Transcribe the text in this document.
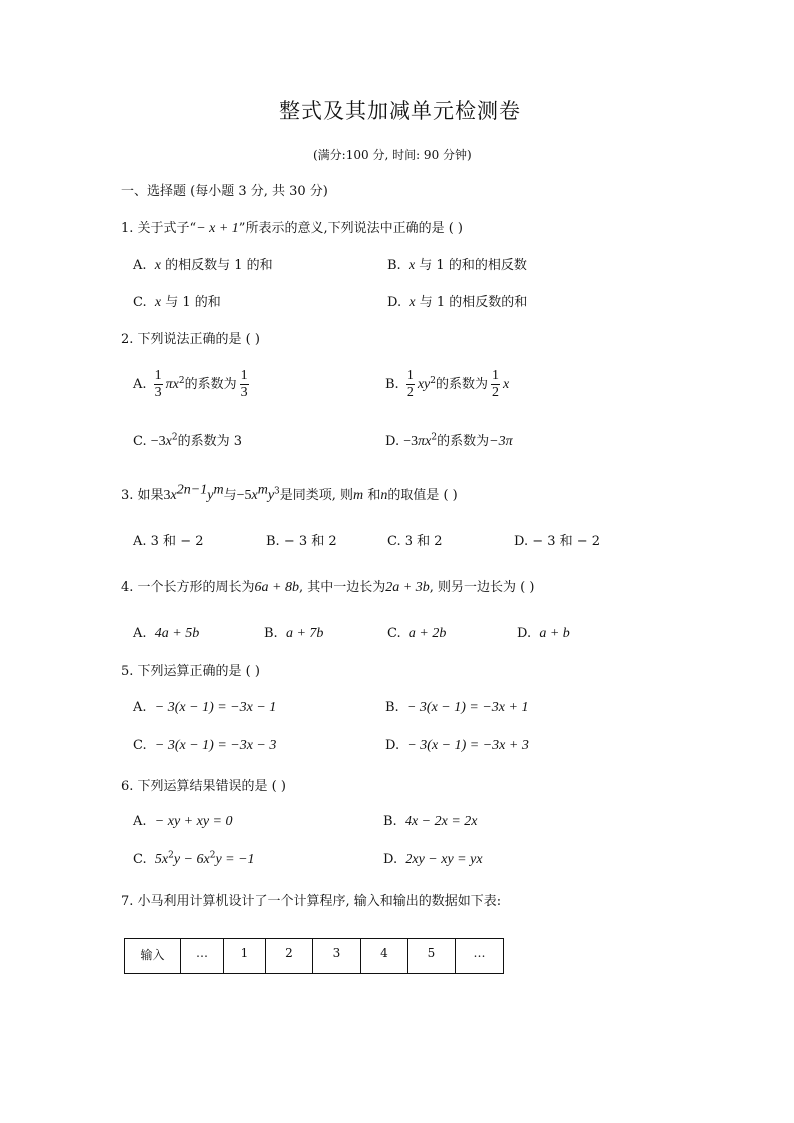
整式及其加减单元检测卷
(满分:100 分, 时间: 90 分钟)
一、选择题 (每小题 3 分, 共 30 分)
1. 关于式子“− x + 1”所表示的意义,下列说法中正确的是 ( )
A. x 的相反数与 1 的和	B. x 与 1 的和的相反数
C. x 与 1 的和	D. x 与 1 的相反数的和
2. 下列说法正确的是 ( )
A. $\frac{1}{3} \pi x^2$的系数为 $\frac{1}{3}$	B. $\frac{1}{2} xy^2$的系数为 $\frac{1}{2}$ x
C. $-3x^2$的系数为 3	D. $-3\pi x^2$的系数为−3π
3. 如果$3x^{2n-1}y^m$与$-5x^my^3$是同类项, 则m 和n的取值是 ( )
A. 3 和 − 2	B. − 3 和 2	C. 3 和 2	D. − 3 和 − 2
4. 一个长方形的周长为6a + 8b, 其中一边长为2a + 3b, 则另一边长为 ( )
A. 4a + 5b	B. a + 7b	C. a + 2b	D. a + b
5. 下列运算正确的是 ( )
A. − 3(x − 1) = −3x − 1	B. − 3(x − 1) = −3x + 1
C. − 3(x − 1) = −3x − 3	D. − 3(x − 1) = −3x + 3
6. 下列运算结果错误的是 ( )
A. − xy + xy = 0	B. 4x − 2x = 2x
C. $5x^2y - 6x^2y = -1$	D. 2xy − xy = yx
7. 小马利用计算机设计了一个计算程序, 输入和输出的数据如下表:
输入	…	1	2	3	4	5	…
